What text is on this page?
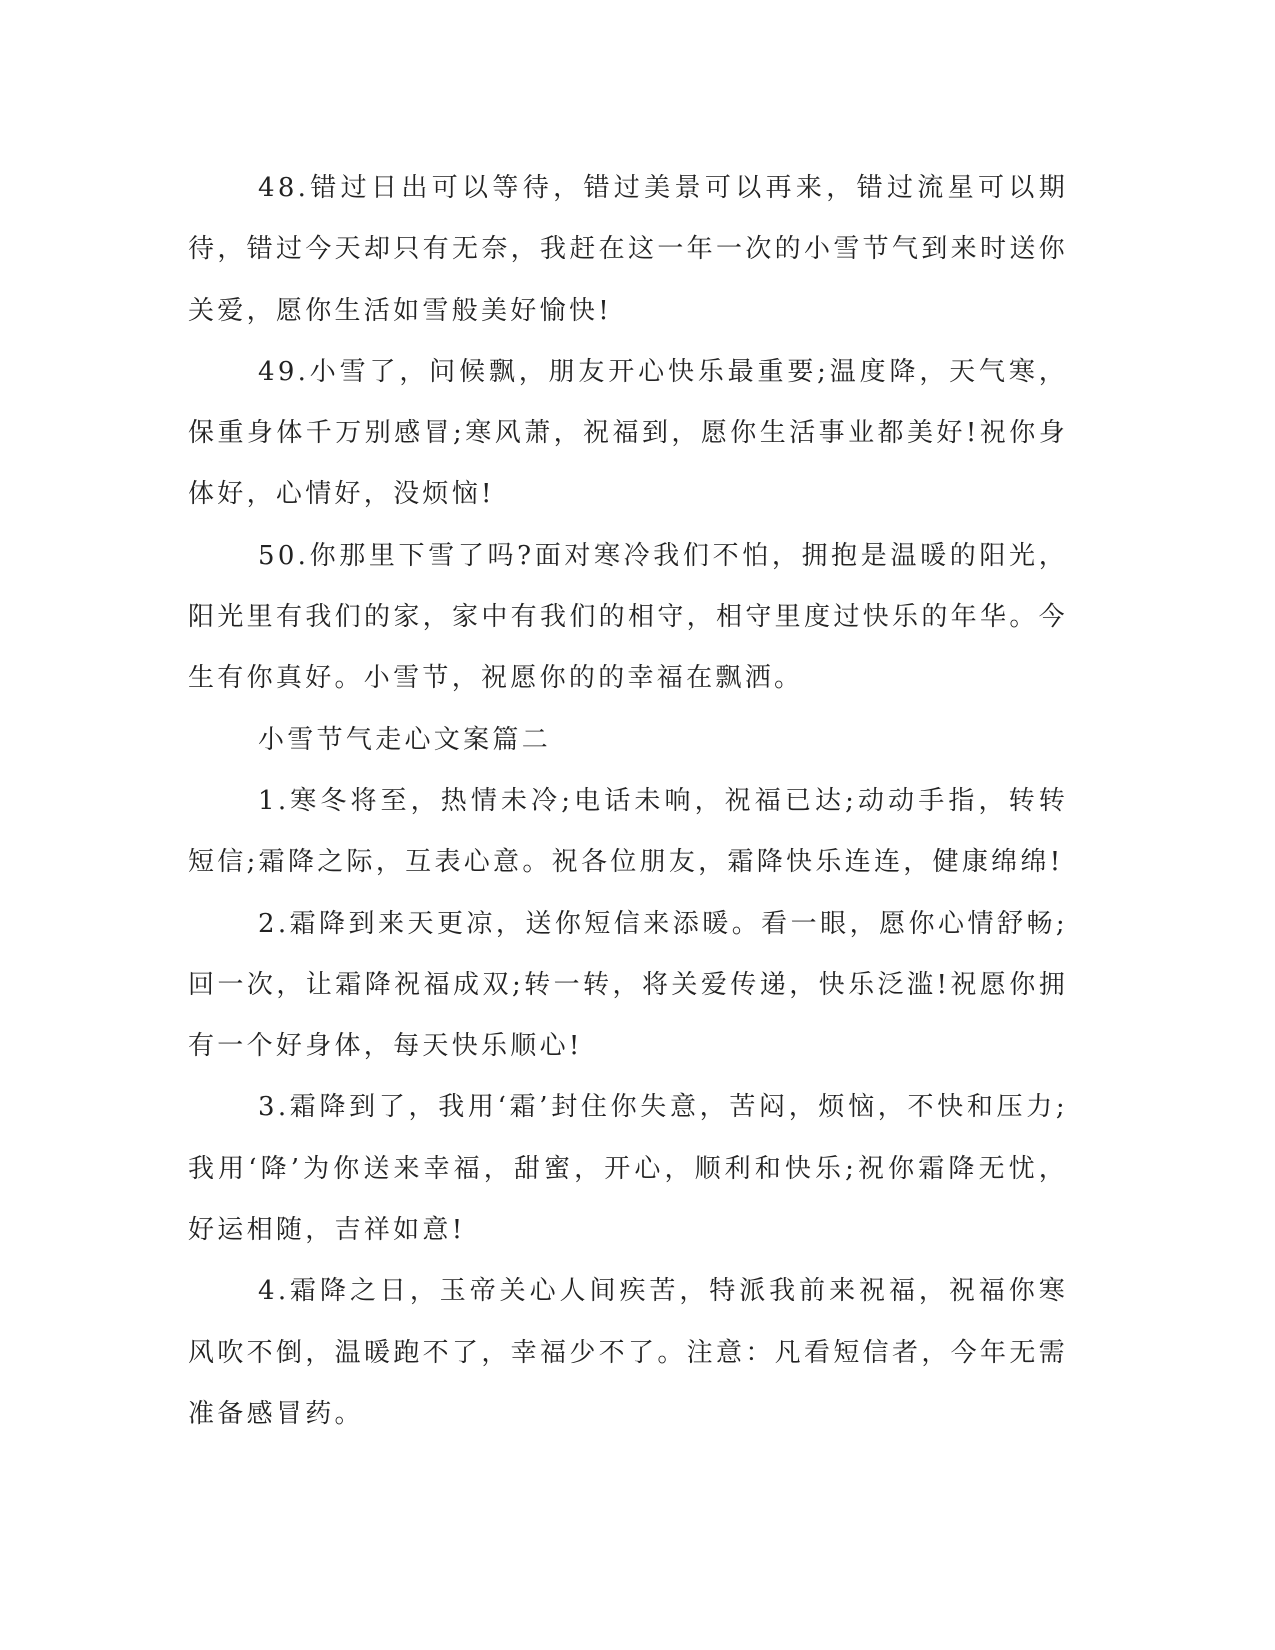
48.错过日出可以等待，错过美景可以再来，错过流星可以期待，错过今天却只有无奈，我赶在这一年一次的小雪节气到来时送你关爱，愿你生活如雪般美好愉快!

49.小雪了，问候飘，朋友开心快乐最重要;温度降，天气寒，保重身体千万别感冒;寒风萧，祝福到，愿你生活事业都美好!祝你身体好，心情好，没烦恼!

50.你那里下雪了吗?面对寒冷我们不怕，拥抱是温暖的阳光，阳光里有我们的家，家中有我们的相守，相守里度过快乐的年华。今生有你真好。小雪节，祝愿你的的幸福在飘洒。

小雪节气走心文案篇二

1.寒冬将至，热情未冷;电话未响，祝福已达;动动手指，转转短信;霜降之际，互表心意。祝各位朋友，霜降快乐连连，健康绵绵!

2.霜降到来天更凉，送你短信来添暖。看一眼，愿你心情舒畅;回一次，让霜降祝福成双;转一转，将关爱传递，快乐泛滥!祝愿你拥有一个好身体，每天快乐顺心!

3.霜降到了，我用‘霜’封住你失意，苦闷，烦恼，不快和压力;我用‘降’为你送来幸福，甜蜜，开心，顺利和快乐;祝你霜降无忧，好运相随，吉祥如意!

4.霜降之日，玉帝关心人间疾苦，特派我前来祝福，祝福你寒风吹不倒，温暖跑不了，幸福少不了。注意：凡看短信者，今年无需准备感冒药。
